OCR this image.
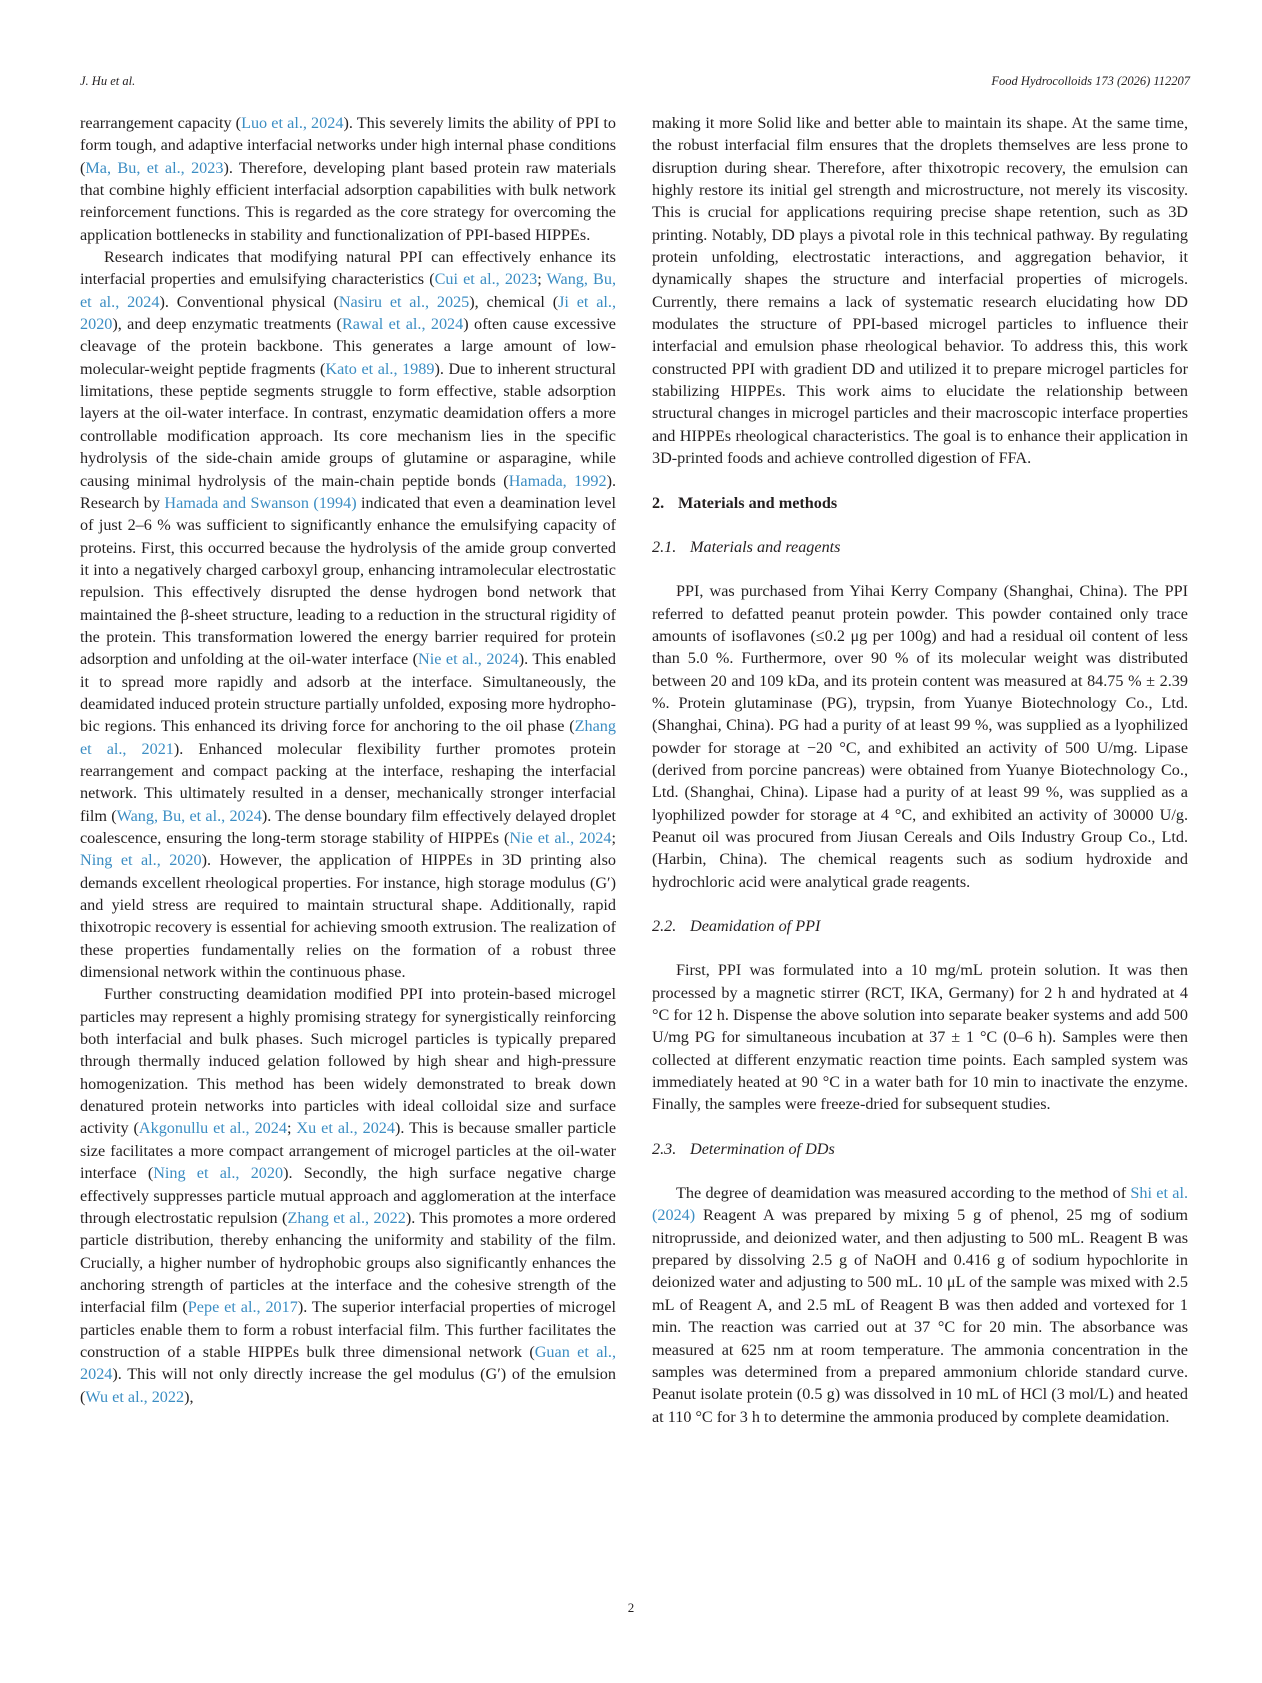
J. Hu et al.	Food Hydrocolloids 173 (2026) 112207

rearrangement capacity (Luo et al., 2024). This severely limits the ability of PPI to form tough, and adaptive interfacial networks under high internal phase conditions (Ma, Bu, et al., 2023). Therefore, developing plant based protein raw materials that combine highly efficient interfacial adsorption capabilities with bulk network reinforcement functions. This is regarded as the core strategy for overcoming the application bottlenecks in stability and functionalization of PPI-based HIPPEs.

Research indicates that modifying natural PPI can effectively enhance its interfacial properties and emulsifying characteristics (Cui et al., 2023; Wang, Bu, et al., 2024). Conventional physical (Nasiru et al., 2025), chemical (Ji et al., 2020), and deep enzymatic treatments (Rawal et al., 2024) often cause excessive cleavage of the protein backbone. This generates a large amount of low-molecular-weight peptide fragments (Kato et al., 1989). Due to inherent structural limitations, these peptide segments struggle to form effective, stable adsorption layers at the oil-water interface. In contrast, enzymatic deamidation offers a more controllable modification approach. Its core mechanism lies in the specific hydrolysis of the side-chain amide groups of glutamine or asparagine, while causing minimal hydrolysis of the main-chain peptide bonds (Hamada, 1992). Research by Hamada and Swanson (1994) indicated that even a deamination level of just 2–6 % was sufficient to significantly enhance the emulsifying capacity of proteins. First, this occurred because the hydrolysis of the amide group converted it into a negatively charged carboxyl group, enhancing intramolecular electrostatic repulsion. This effectively disrupted the dense hydrogen bond network that maintained the β-sheet structure, leading to a reduction in the structural rigidity of the protein. This transformation lowered the energy barrier required for protein adsorption and unfolding at the oil-water interface (Nie et al., 2024). This enabled it to spread more rapidly and adsorb at the interface. Simultaneously, the deamidated induced protein structure partially unfolded, exposing more hydrophobic regions. This enhanced its driving force for anchoring to the oil phase (Zhang et al., 2021). Enhanced molecular flexibility further promotes protein rearrangement and compact packing at the interface, reshaping the interfacial network. This ultimately resulted in a denser, mechanically stronger interfacial film (Wang, Bu, et al., 2024). The dense boundary film effectively delayed droplet coalescence, ensuring the long-term storage stability of HIPPEs (Nie et al., 2024; Ning et al., 2020). However, the application of HIPPEs in 3D printing also demands excellent rheological properties. For instance, high storage modulus (G′) and yield stress are required to maintain structural shape. Additionally, rapid thixotropic recovery is essential for achieving smooth extrusion. The realization of these properties fundamentally relies on the formation of a robust three dimensional network within the continuous phase.

Further constructing deamidation modified PPI into protein-based microgel particles may represent a highly promising strategy for synergistically reinforcing both interfacial and bulk phases. Such microgel particles is typically prepared through thermally induced gelation followed by high shear and high-pressure homogenization. This method has been widely demonstrated to break down denatured protein networks into particles with ideal colloidal size and surface activity (Akgonullu et al., 2024; Xu et al., 2024). This is because smaller particle size facilitates a more compact arrangement of microgel particles at the oil-water interface (Ning et al., 2020). Secondly, the high surface negative charge effectively suppresses particle mutual approach and agglomeration at the interface through electrostatic repulsion (Zhang et al., 2022). This promotes a more ordered particle distribution, thereby enhancing the uniformity and stability of the film. Crucially, a higher number of hydrophobic groups also significantly enhances the anchoring strength of particles at the interface and the cohesive strength of the interfacial film (Pepe et al., 2017). The superior interfacial properties of microgel particles enable them to form a robust interfacial film. This further facilitates the construction of a stable HIPPEs bulk three dimensional network (Guan et al., 2024). This will not only directly increase the gel modulus (G′) of the emulsion (Wu et al., 2022),

making it more Solid like and better able to maintain its shape. At the same time, the robust interfacial film ensures that the droplets themselves are less prone to disruption during shear. Therefore, after thixotropic recovery, the emulsion can highly restore its initial gel strength and microstructure, not merely its viscosity. This is crucial for applications requiring precise shape retention, such as 3D printing. Notably, DD plays a pivotal role in this technical pathway. By regulating protein unfolding, electrostatic interactions, and aggregation behavior, it dynamically shapes the structure and interfacial properties of microgels. Currently, there remains a lack of systematic research elucidating how DD modulates the structure of PPI-based microgel particles to influence their interfacial and emulsion phase rheological behavior. To address this, this work constructed PPI with gradient DD and utilized it to prepare microgel particles for stabilizing HIPPEs. This work aims to elucidate the relationship between structural changes in microgel particles and their macroscopic interface properties and HIPPEs rheological characteristics. The goal is to enhance their application in 3D-printed foods and achieve controlled digestion of FFA.

2. Materials and methods
2.1. Materials and reagents

PPI, was purchased from Yihai Kerry Company (Shanghai, China). The PPI referred to defatted peanut protein powder. This powder contained only trace amounts of isoflavones (≤0.2 μg per 100g) and had a residual oil content of less than 5.0 %. Furthermore, over 90 % of its molecular weight was distributed between 20 and 109 kDa, and its protein content was measured at 84.75 % ± 2.39 %. Protein glutaminase (PG), trypsin, from Yuanye Biotechnology Co., Ltd. (Shanghai, China). PG had a purity of at least 99 %, was supplied as a lyophilized powder for storage at −20 °C, and exhibited an activity of 500 U/mg. Lipase (derived from porcine pancreas) were obtained from Yuanye Biotechnology Co., Ltd. (Shanghai, China). Lipase had a purity of at least 99 %, was supplied as a lyophilized powder for storage at 4 °C, and exhibited an activity of 30000 U/g. Peanut oil was procured from Jiusan Cereals and Oils Industry Group Co., Ltd. (Harbin, China). The chemical reagents such as sodium hydroxide and hydrochloric acid were analytical grade reagents.

2.2. Deamidation of PPI

First, PPI was formulated into a 10 mg/mL protein solution. It was then processed by a magnetic stirrer (RCT, IKA, Germany) for 2 h and hydrated at 4 °C for 12 h. Dispense the above solution into separate beaker systems and add 500 U/mg PG for simultaneous incubation at 37 ± 1 °C (0–6 h). Samples were then collected at different enzymatic reaction time points. Each sampled system was immediately heated at 90 °C in a water bath for 10 min to inactivate the enzyme. Finally, the samples were freeze-dried for subsequent studies.

2.3. Determination of DDs

The degree of deamidation was measured according to the method of Shi et al. (2024) Reagent A was prepared by mixing 5 g of phenol, 25 mg of sodium nitroprusside, and deionized water, and then adjusting to 500 mL. Reagent B was prepared by dissolving 2.5 g of NaOH and 0.416 g of sodium hypochlorite in deionized water and adjusting to 500 mL. 10 μL of the sample was mixed with 2.5 mL of Reagent A, and 2.5 mL of Reagent B was then added and vortexed for 1 min. The reaction was carried out at 37 °C for 20 min. The absorbance was measured at 625 nm at room temperature. The ammonia concentration in the samples was determined from a prepared ammonium chloride standard curve. Peanut isolate protein (0.5 g) was dissolved in 10 mL of HCl (3 mol/L) and heated at 110 °C for 3 h to determine the ammonia produced by complete deamidation.

2
